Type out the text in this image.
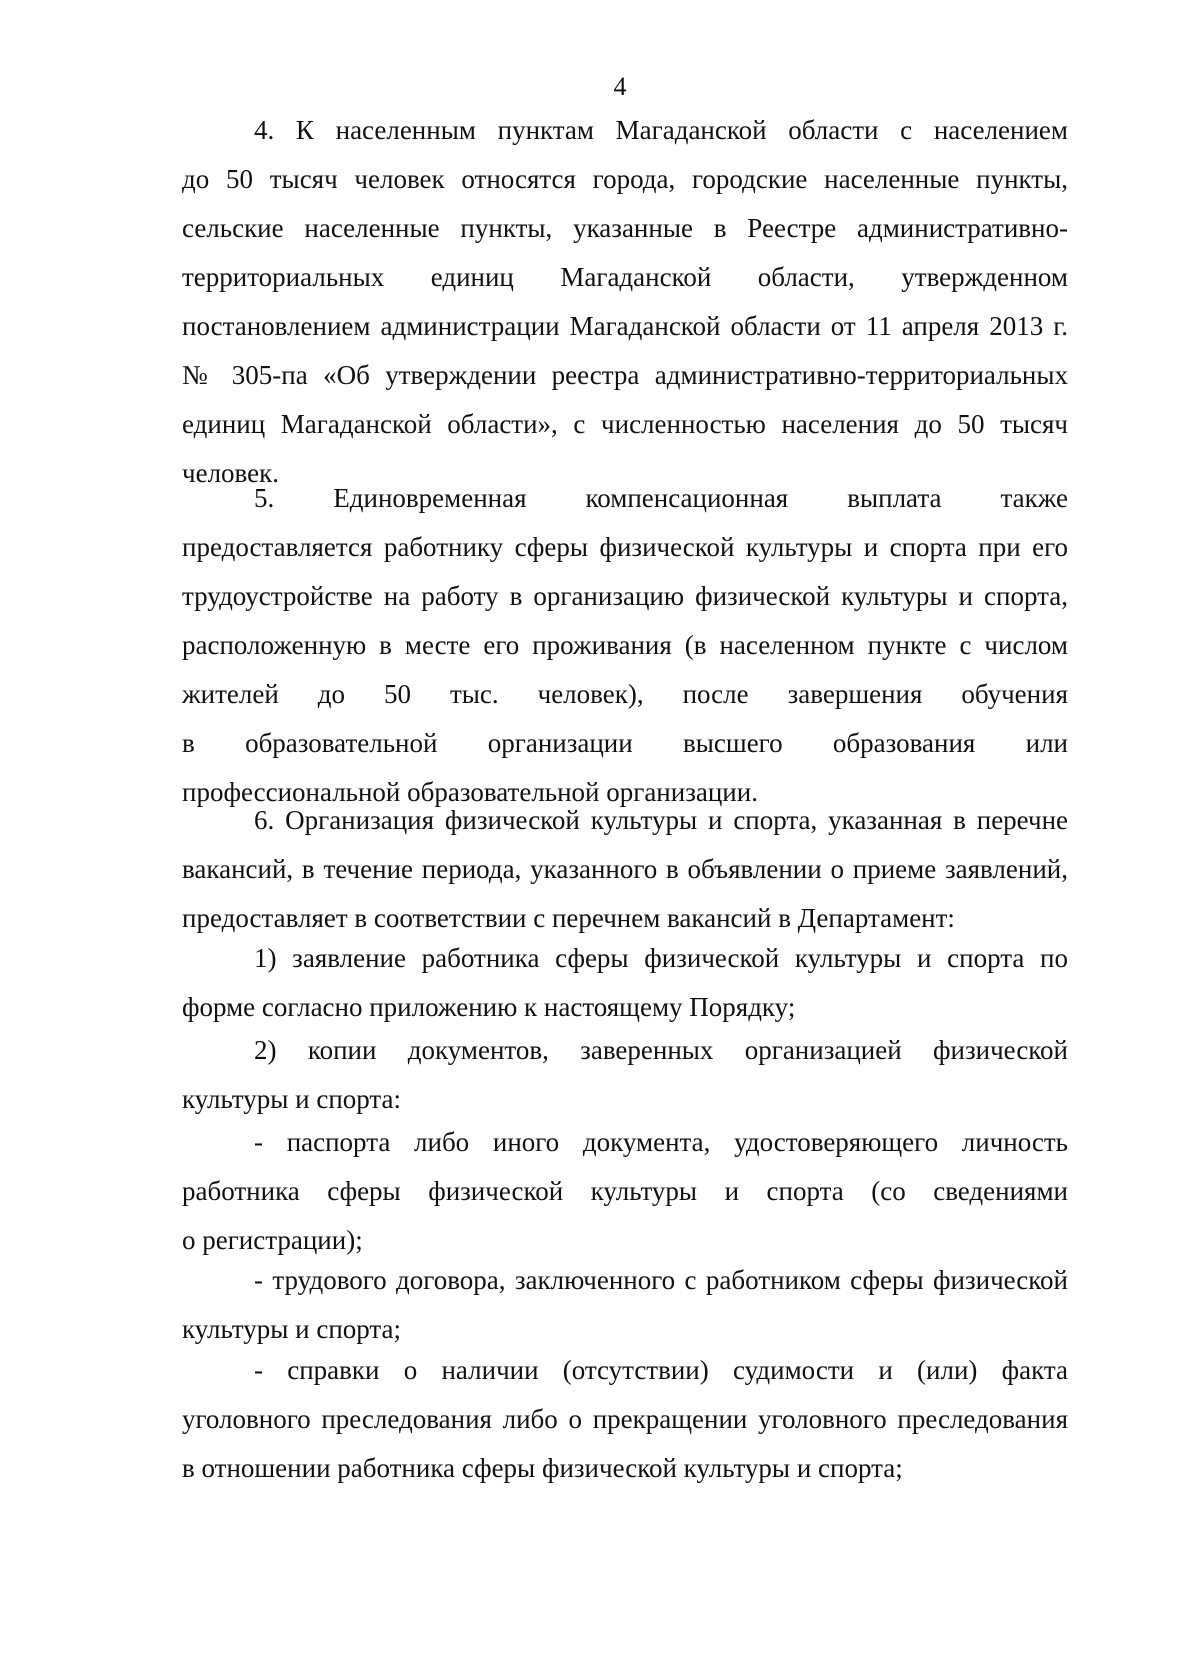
4
4. К населенным пунктам Магаданской области с населением
до 50 тысяч человек относятся города, городские населенные пункты,
сельские населенные пункты, указанные в Реестре административно-
территориальных единиц Магаданской области, утвержденном
постановлением администрации Магаданской области от 11 апреля 2013 г.
№ 305-па «Об утверждении реестра административно-территориальных
единиц Магаданской области», с численностью населения до 50 тысяч
человек.
5. Единовременная компенсационная выплата также
предоставляется работнику сферы физической культуры и спорта при его
трудоустройстве на работу в организацию физической культуры и спорта,
расположенную в месте его проживания (в населенном пункте с числом
жителей до 50 тыс. человек), после завершения обучения
в образовательной организации высшего образования или
профессиональной образовательной организации.
6. Организация физической культуры и спорта, указанная в перечне
вакансий, в течение периода, указанного в объявлении о приеме заявлений,
предоставляет в соответствии с перечнем вакансий в Департамент:
1) заявление работника сферы физической культуры и спорта по
форме согласно приложению к настоящему Порядку;
2) копии документов, заверенных организацией физической
культуры и спорта:
- паспорта либо иного документа, удостоверяющего личность
работника сферы физической культуры и спорта (со сведениями
о регистрации);
- трудового договора, заключенного с работником сферы физической
культуры и спорта;
- справки о наличии (отсутствии) судимости и (или) факта
уголовного преследования либо о прекращении уголовного преследования
в отношении работника сферы физической культуры и спорта;
